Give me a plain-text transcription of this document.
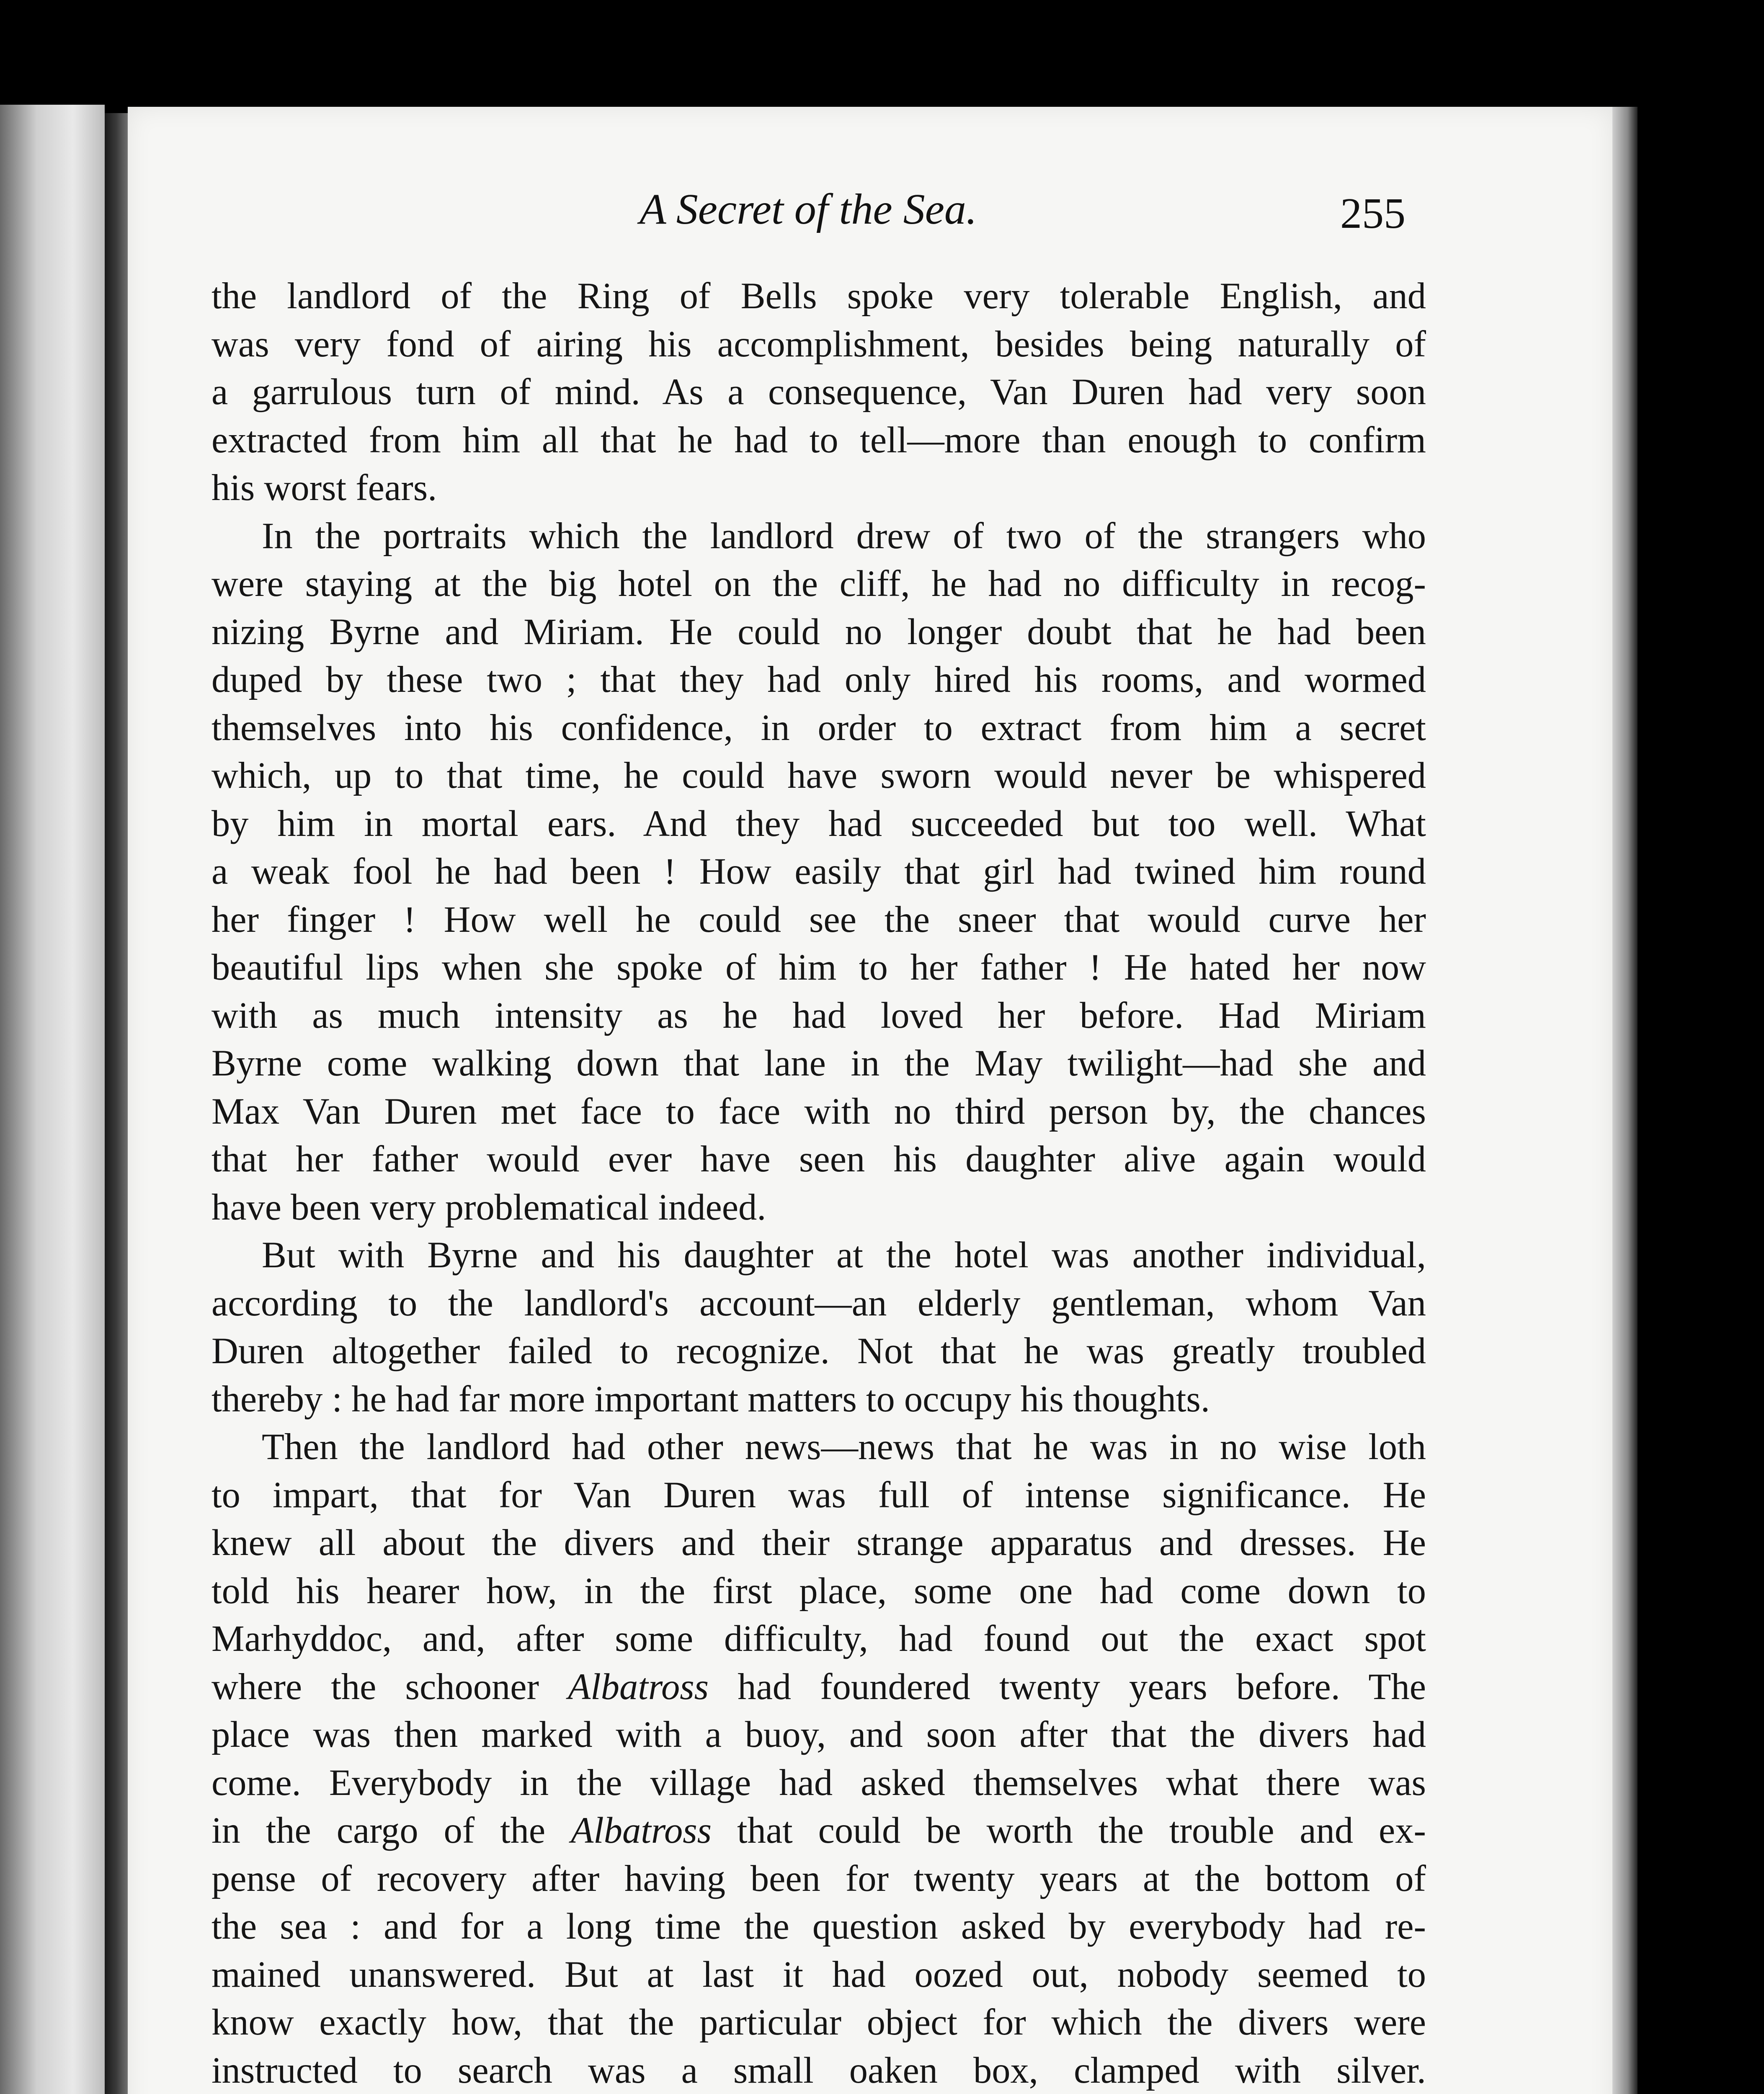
A Secret of the Sea.	255
the landlord of the Ring of Bells spoke very tolerable English, and
was very fond of airing his accomplishment, besides being naturally of
a garrulous turn of mind. As a consequence, Van Duren had very soon
extracted from him all that he had to tell—more than enough to confirm
his worst fears.
In the portraits which the landlord drew of two of the strangers who
were staying at the big hotel on the cliff, he had no difficulty in recog-
nizing Byrne and Miriam. He could no longer doubt that he had been
duped by these two ; that they had only hired his rooms, and wormed
themselves into his confidence, in order to extract from him a secret
which, up to that time, he could have sworn would never be whispered
by him in mortal ears. And they had succeeded but too well. What
a weak fool he had been ! How easily that girl had twined him round
her finger ! How well he could see the sneer that would curve her
beautiful lips when she spoke of him to her father ! He hated her now
with as much intensity as he had loved her before. Had Miriam
Byrne come walking down that lane in the May twilight—had she and
Max Van Duren met face to face with no third person by, the chances
that her father would ever have seen his daughter alive again would
have been very problematical indeed.
But with Byrne and his daughter at the hotel was another individual,
according to the landlord's account—an elderly gentleman, whom Van
Duren altogether failed to recognize. Not that he was greatly troubled
thereby : he had far more important matters to occupy his thoughts.
Then the landlord had other news—news that he was in no wise loth
to impart, that for Van Duren was full of intense significance. He
knew all about the divers and their strange apparatus and dresses. He
told his hearer how, in the first place, some one had come down to
Marhyddoc, and, after some difficulty, had found out the exact spot
where the schooner Albatross had foundered twenty years before. The
place was then marked with a buoy, and soon after that the divers had
come. Everybody in the village had asked themselves what there was
in the cargo of the Albatross that could be worth the trouble and ex-
pense of recovery after having been for twenty years at the bottom of
the sea : and for a long time the question asked by everybody had re-
mained unanswered. But at last it had oozed out, nobody seemed to
know exactly how, that the particular object for which the divers were
instructed to search was a small oaken box, clamped with silver.
